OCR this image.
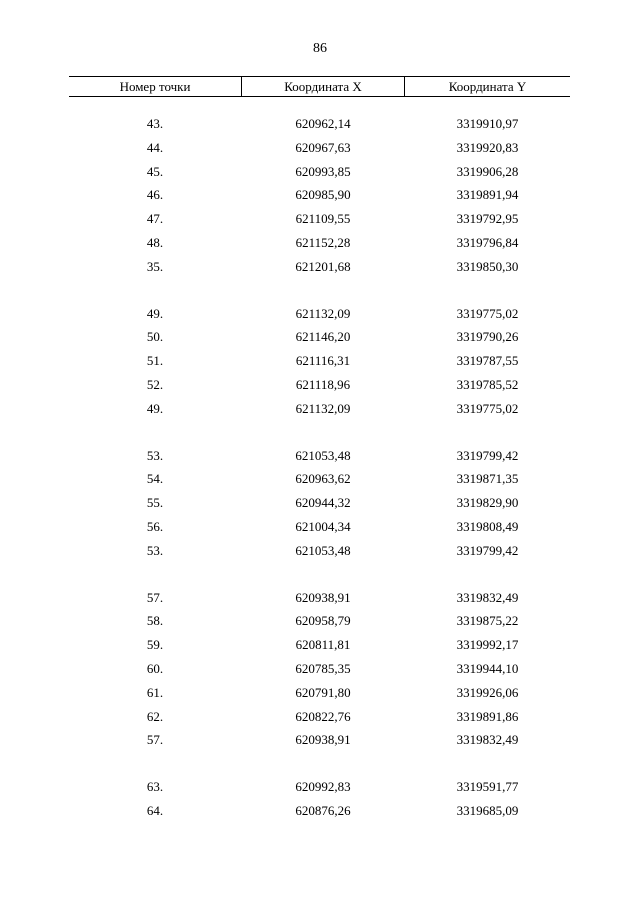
86
Номер точки	Координата X	Координата Y
43.	620962,14	3319910,97
44.	620967,63	3319920,83
45.	620993,85	3319906,28
46.	620985,90	3319891,94
47.	621109,55	3319792,95
48.	621152,28	3319796,84
35.	621201,68	3319850,30
49.	621132,09	3319775,02
50.	621146,20	3319790,26
51.	621116,31	3319787,55
52.	621118,96	3319785,52
49.	621132,09	3319775,02
53.	621053,48	3319799,42
54.	620963,62	3319871,35
55.	620944,32	3319829,90
56.	621004,34	3319808,49
53.	621053,48	3319799,42
57.	620938,91	3319832,49
58.	620958,79	3319875,22
59.	620811,81	3319992,17
60.	620785,35	3319944,10
61.	620791,80	3319926,06
62.	620822,76	3319891,86
57.	620938,91	3319832,49
63.	620992,83	3319591,77
64.	620876,26	3319685,09
